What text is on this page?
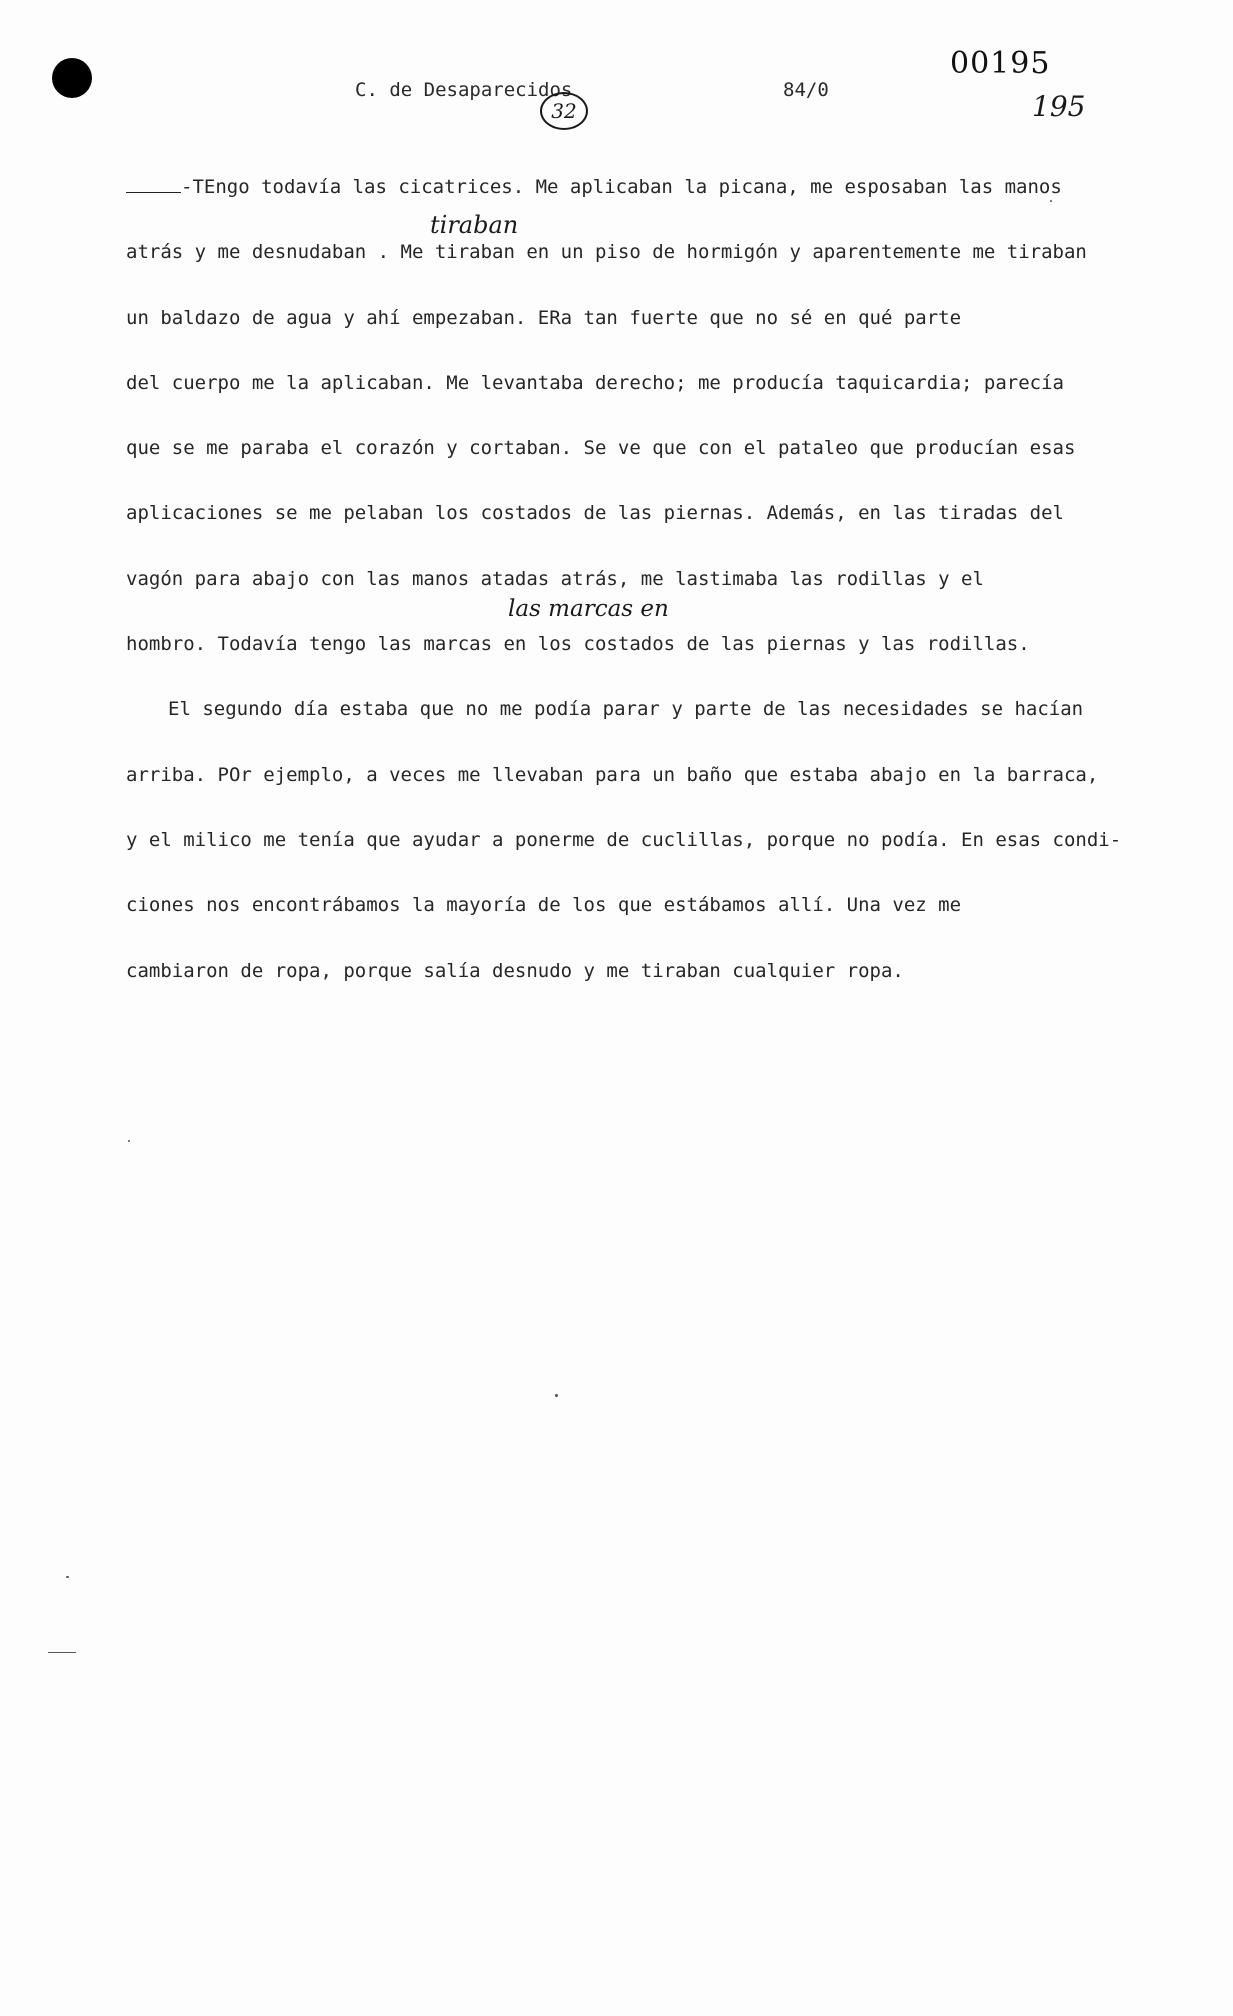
C. de Desaparecidos
32
84/0
00195
195
tiraban
las marcas en
-TEngo todavía las cicatrices. Me aplicaban la picana, me esposaban las manos
atrás y me desnudaban . Me tiraban en un piso de hormigón y aparentemente me tiraban
un baldazo de agua y ahí empezaban. ERa tan fuerte que no sé en qué parte
del cuerpo me la aplicaban. Me levantaba derecho; me producía taquicardia; parecía
que se me paraba el corazón y cortaban. Se ve que con el pataleo que producían esas
aplicaciones se me pelaban los costados de las piernas. Además, en las tiradas del
vagón para abajo con las manos atadas atrás, me lastimaba las rodillas y el
hombro. Todavía tengo las marcas en los costados de las piernas y las rodillas.
El segundo día estaba que no me podía parar y parte de las necesidades se hacían
arriba. POr ejemplo, a veces me llevaban para un baño que estaba abajo en la barraca,
y el milico me tenía que ayudar a ponerme de cuclillas, porque no podía. En esas condi-
ciones nos encontrábamos la mayoría de los que estábamos allí. Una vez me
cambiaron de ropa, porque salía desnudo y me tiraban cualquier ropa.
